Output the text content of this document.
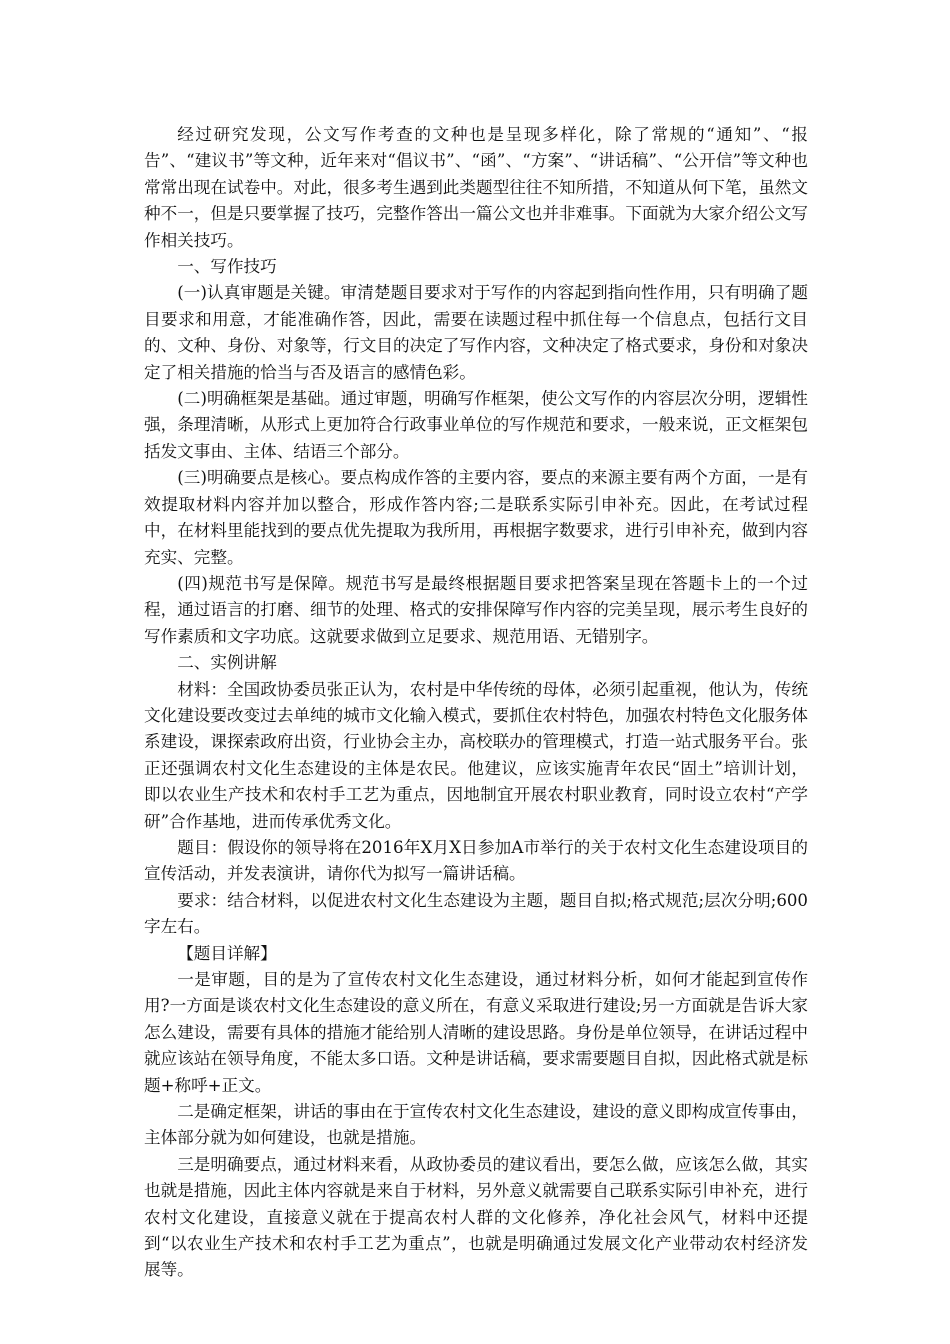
经过研究发现，公文写作考查的文种也是呈现多样化，除了常规的“通知”、“报告”、“建议书”等文种，近年来对“倡议书”、“函”、“方案”、“讲话稿”、“公开信”等文种也常常出现在试卷中。对此，很多考生遇到此类题型往往不知所措，不知道从何下笔，虽然文种不一，但是只要掌握了技巧，完整作答出一篇公文也并非难事。下面就为大家介绍公文写作相关技巧。

一、写作技巧

(一)认真审题是关键。审清楚题目要求对于写作的内容起到指向性作用，只有明确了题目要求和用意，才能准确作答，因此，需要在读题过程中抓住每一个信息点，包括行文目的、文种、身份、对象等，行文目的决定了写作内容，文种决定了格式要求，身份和对象决定了相关措施的恰当与否及语言的感情色彩。

(二)明确框架是基础。通过审题，明确写作框架，使公文写作的内容层次分明，逻辑性强，条理清晰，从形式上更加符合行政事业单位的写作规范和要求，一般来说，正文框架包括发文事由、主体、结语三个部分。

(三)明确要点是核心。要点构成作答的主要内容，要点的来源主要有两个方面，一是有效提取材料内容并加以整合，形成作答内容;二是联系实际引申补充。因此，在考试过程中，在材料里能找到的要点优先提取为我所用，再根据字数要求，进行引申补充，做到内容充实、完整。

(四)规范书写是保障。规范书写是最终根据题目要求把答案呈现在答题卡上的一个过程，通过语言的打磨、细节的处理、格式的安排保障写作内容的完美呈现，展示考生良好的写作素质和文字功底。这就要求做到立足要求、规范用语、无错别字。

二、实例讲解

材料：全国政协委员张正认为，农村是中华传统的母体，必须引起重视，他认为，传统文化建设要改变过去单纯的城市文化输入模式，要抓住农村特色，加强农村特色文化服务体系建设，课探索政府出资，行业协会主办，高校联办的管理模式，打造一站式服务平台。张正还强调农村文化生态建设的主体是农民。他建议，应该实施青年农民“固土”培训计划，即以农业生产技术和农村手工艺为重点，因地制宜开展农村职业教育，同时设立农村“产学研”合作基地，进而传承优秀文化。

题目：假设你的领导将在2016年X月X日参加A市举行的关于农村文化生态建设项目的宣传活动，并发表演讲，请你代为拟写一篇讲话稿。

要求：结合材料，以促进农村文化生态建设为主题，题目自拟;格式规范;层次分明;600字左右。

【题目详解】

一是审题，目的是为了宣传农村文化生态建设，通过材料分析，如何才能起到宣传作用?一方面是谈农村文化生态建设的意义所在，有意义采取进行建设;另一方面就是告诉大家怎么建设，需要有具体的措施才能给别人清晰的建设思路。身份是单位领导，在讲话过程中就应该站在领导角度，不能太多口语。文种是讲话稿，要求需要题目自拟，因此格式就是标题+称呼+正文。

二是确定框架，讲话的事由在于宣传农村文化生态建设，建设的意义即构成宣传事由，主体部分就为如何建设，也就是措施。

三是明确要点，通过材料来看，从政协委员的建议看出，要怎么做，应该怎么做，其实也就是措施，因此主体内容就是来自于材料，另外意义就需要自己联系实际引申补充，进行农村文化建设，直接意义就在于提高农村人群的文化修养，净化社会风气，材料中还提到“以农业生产技术和农村手工艺为重点”，也就是明确通过发展文化产业带动农村经济发展等。
